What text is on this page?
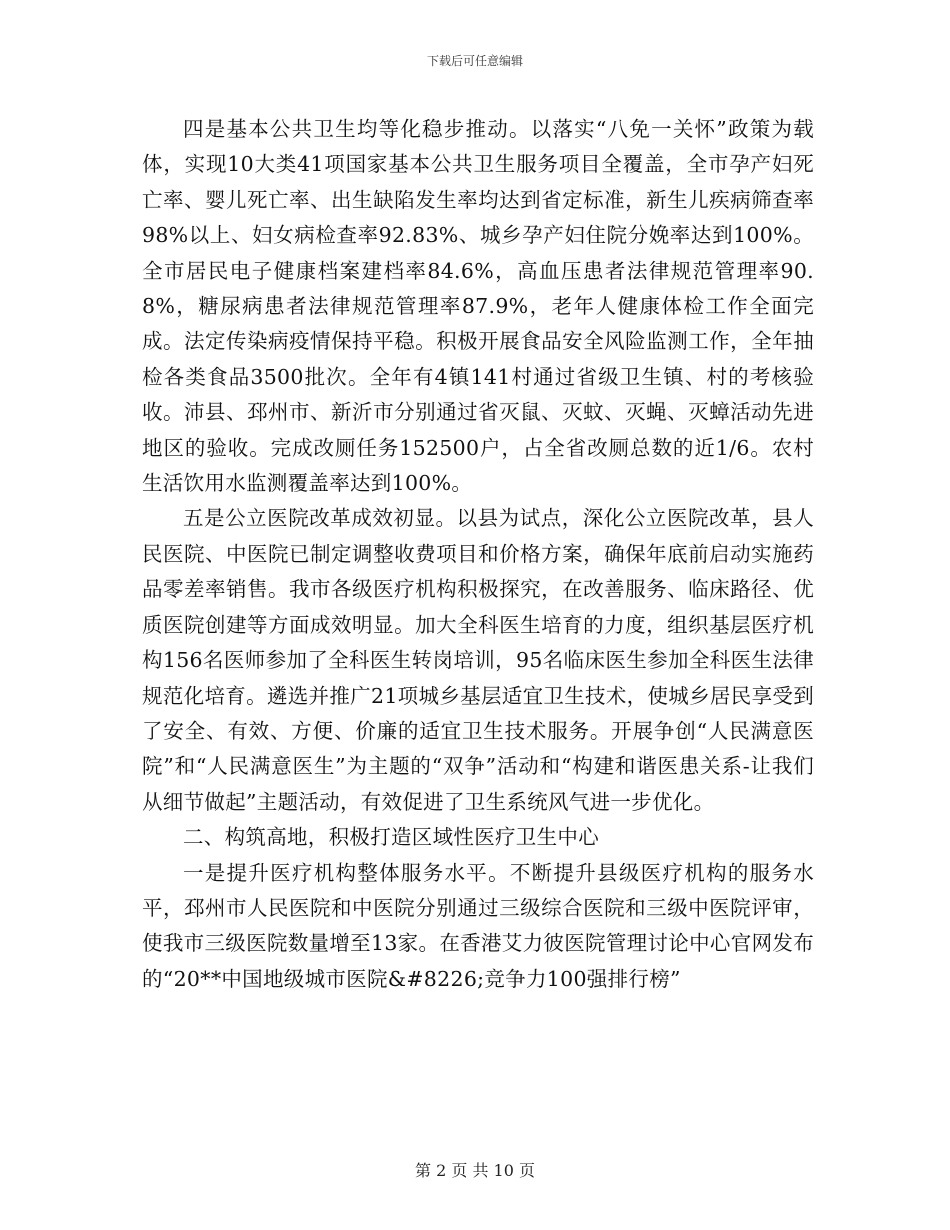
下载后可任意编辑

四是基本公共卫生均等化稳步推动。以落实“八免一关怀”政策为载体，实现10大类41项国家基本公共卫生服务项目全覆盖，全市孕产妇死亡率、婴儿死亡率、出生缺陷发生率均达到省定标准，新生儿疾病筛查率98%以上、妇女病检查率92.83%、城乡孕产妇住院分娩率达到100%。全市居民电子健康档案建档率84.6%，高血压患者法律规范管理率90.8%，糖尿病患者法律规范管理率87.9%，老年人健康体检工作全面完成。法定传染病疫情保持平稳。积极开展食品安全风险监测工作，全年抽检各类食品3500批次。全年有4镇141村通过省级卫生镇、村的考核验收。沛县、邳州市、新沂市分别通过省灭鼠、灭蚊、灭蝇、灭蟑活动先进地区的验收。完成改厕任务152500户，占全省改厕总数的近1/6。农村生活饮用水监测覆盖率达到100%。

五是公立医院改革成效初显。以县为试点，深化公立医院改革，县人民医院、中医院已制定调整收费项目和价格方案，确保年底前启动实施药品零差率销售。我市各级医疗机构积极探究，在改善服务、临床路径、优质医院创建等方面成效明显。加大全科医生培育的力度，组织基层医疗机构156名医师参加了全科医生转岗培训，95名临床医生参加全科医生法律规范化培育。遴选并推广21项城乡基层适宜卫生技术，使城乡居民享受到了安全、有效、方便、价廉的适宜卫生技术服务。开展争创“人民满意医院”和“人民满意医生”为主题的“双争”活动和“构建和谐医患关系-让我们从细节做起”主题活动，有效促进了卫生系统风气进一步优化。

二、构筑高地，积极打造区域性医疗卫生中心

一是提升医疗机构整体服务水平。不断提升县级医疗机构的服务水平，邳州市人民医院和中医院分别通过三级综合医院和三级中医院评审，使我市三级医院数量增至13家。在香港艾力彼医院管理讨论中心官网发布的“20**中国地级城市医院&#8226;竞争力100强排行榜”

第 2 页 共 10 页
